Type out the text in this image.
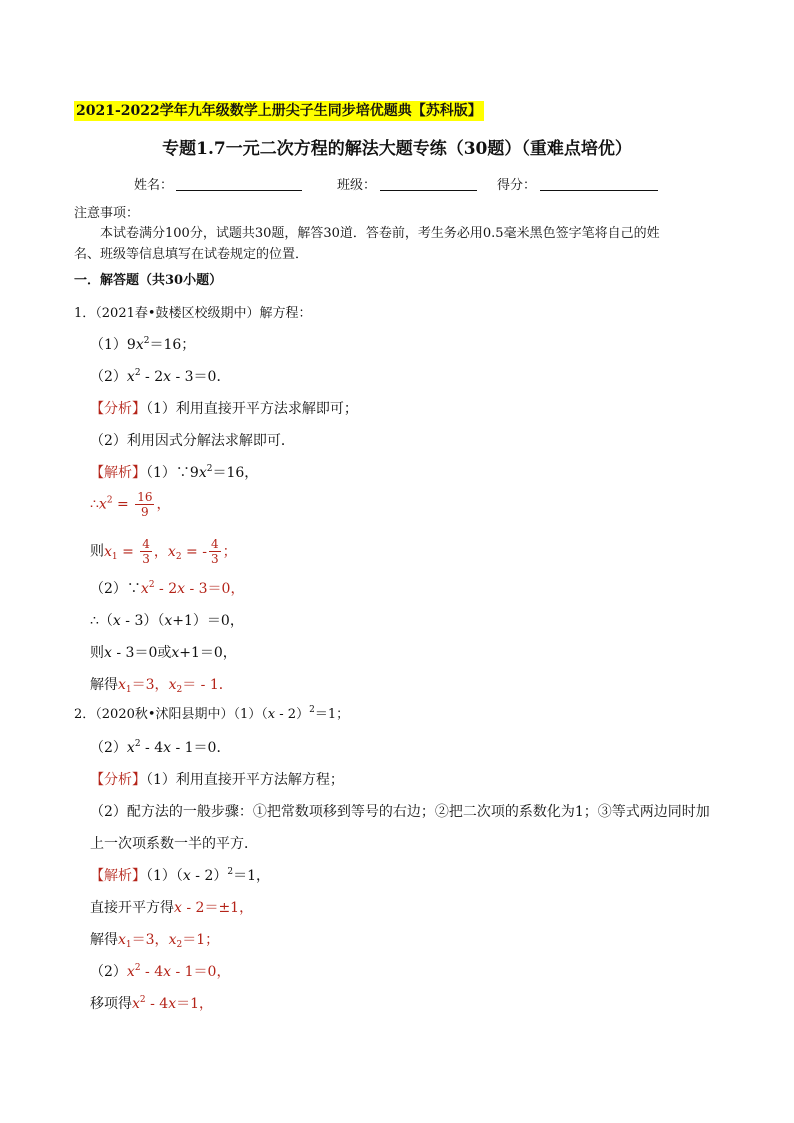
2021-2022学年九年级数学上册尖子生同步培优题典【苏科版】
专题1.7一元二次方程的解法大题专练（30题）（重难点培优）
姓名：	班级：	得分：
注意事项：
本试卷满分100分，试题共30题，解答30道．答卷前，考生务必用0.5毫米黑色签字笔将自己的姓
名、班级等信息填写在试卷规定的位置．
一．解答题（共30小题）
1．（2021春•鼓楼区校级期中）解方程：
$(1)9x^2=16$；
$(2)x^2 - 2x - 3=0$．
【分析】（1）利用直接开平方法求解即可；
（2）利用因式分解法求解即可．
【解析】$(1)\because 9x^2=16$，
$\therefore x^2 = \frac{16}{9}$ ，
则$x_1 = \frac{4}{3}$ ，$x_2$ = - $\frac{4}{3}$ ；
$(2)\because x^2 - 2x - 3=0$，
∴（x - 3）（x+1）＝0，
则x - 3＝0或x+1＝0，
解得$x_1=3$，$x_2= - 1$．
2．（2020秋•沭阳县期中）（1）（x - 2）$^2$＝1；
$(2)x^2 - 4x - 1=0$．
【分析】（1）利用直接开平方法解方程；
（2）配方法的一般步骤：①把常数项移到等号的右边；②把二次项的系数化为1；③等式两边同时加
上一次项系数一半的平方．
【解析】（1）（x - 2）$^2$＝1，
直接开平方得x - 2＝±1，
解得$x_1=3$，$x_2=1$；
$(2)x^2 - 4x - 1=0$，
移项得$x^2 - 4x=1$，
